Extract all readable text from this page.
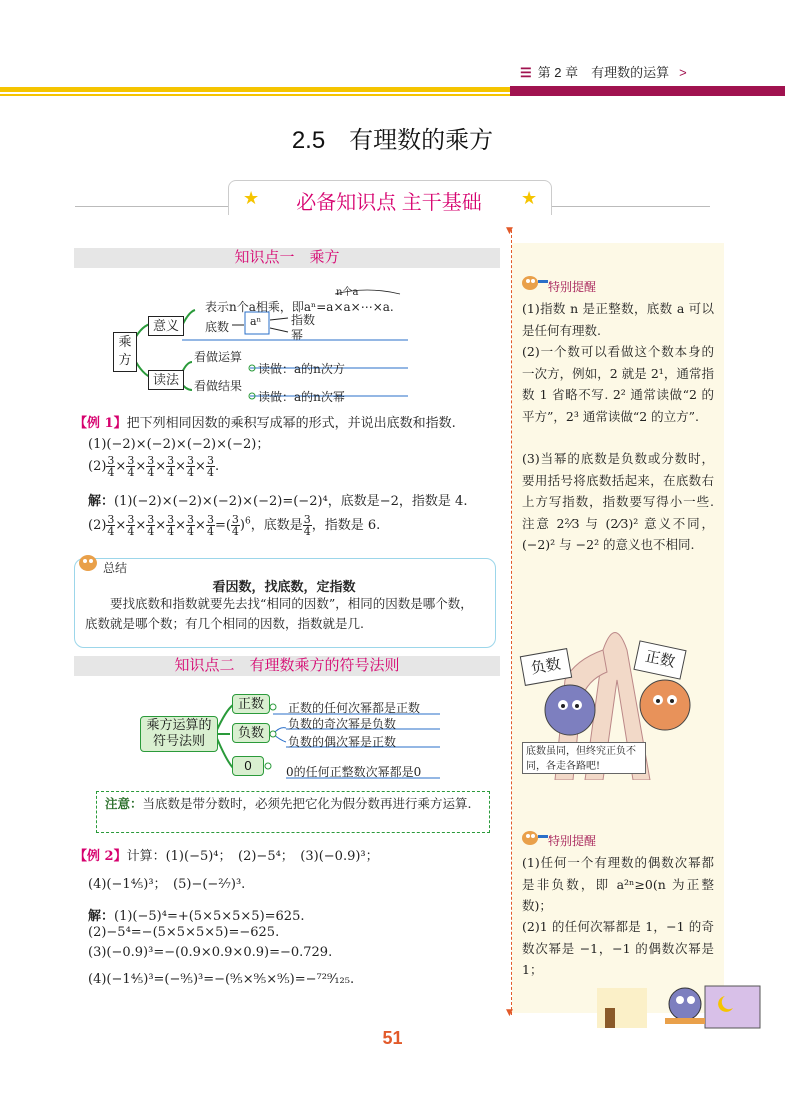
☰ 第 2 章　 有理数的运算 >
2.5　有理数的乘方
★	★
必备知识点 主干基础
▼
▼
特别提醒
(1)指数 n 是正整数，底数 a 可以是任何有理数.
(2)一个数可以看做这个数本身的一次方，例如，2 就是 2¹，通常指数 1 省略不写. 2² 通常读做“2 的平方”，2³ 通常读做“2 的立方”.
(3)当幂的底数是负数或分数时，要用括号将底数括起来，在底数右上方写指数，指数要写得小一些. 注意 2²⁄3 与 (2⁄3)² 意义不同，(−2)² 与 −2² 的意义也不相同.
负数	正数
底数虽同，但终究正负不同，各走各路吧!
特别提醒
(1)任何一个有理数的偶数次幂都是非负数，即 a²ⁿ≥0(n 为正整数)；
(2)1 的任何次幂都是 1，−1 的奇数次幂是 −1，−1 的偶数次幂是 1；
知识点一　乘方
乘方
意义
读法
n个a
表示n个a相乘，即aⁿ=a×a×⋯×a.
底数 aⁿ 指数
幂
看做运算
读做：a的n次方
看做结果
读做：a的n次幂
【例 1】把下列相同因数的乘积写成幂的形式，并说出底数和指数.
(1)(−2)×(−2)×(−2)×(−2)；
$(2) \frac{3}{4} \times \frac{3}{4} \times \frac{3}{4} \times \frac{3}{4} \times \frac{3}{4} \times \frac{3}{4}$ .
解：(1)(−2)×(−2)×(−2)×(−2)=(−2)⁴，底数是−2，指数是 4.
$(2) \frac{3}{4} \times \frac{3}{4} \times \frac{3}{4} \times \frac{3}{4} \times \frac{3}{4} \times \frac{3}{4}$ =( $\frac{3}{4} )^6$，底数是 $\frac{3}{4}$ ，指数是 6.
总结
看因数，找底数，定指数
要找底数和指数就要先去找“相同的因数”，相同的因数是哪个数，底数就是哪个数；有几个相同的因数，指数就是几.
知识点二　有理数乘方的符号法则
乘方运算的符号法则
正数
负数
0
正数的任何次幂都是正数
负数的奇次幂是负数
负数的偶次幂是正数
0的任何正整数次幂都是0
注意：当底数是带分数时，必须先把它化为假分数再进行乘方运算.
【例 2】计算：(1)(−5)⁴；　(2)−5⁴；　(3)(−0.9)³；
(4)(−1⁴⁄₅)³；　(5)−(−²⁄₇)³.
解：(1)(−5)⁴=+(5×5×5×5)=625.
(2)−5⁴=−(5×5×5×5)=−625.
(3)(−0.9)³=−(0.9×0.9×0.9)=−0.729.
(4)(−1⁴⁄₅)³=(−⁹⁄₅)³=−(⁹⁄₅×⁹⁄₅×⁹⁄₅)=−⁷²⁹⁄₁₂₅.
51
